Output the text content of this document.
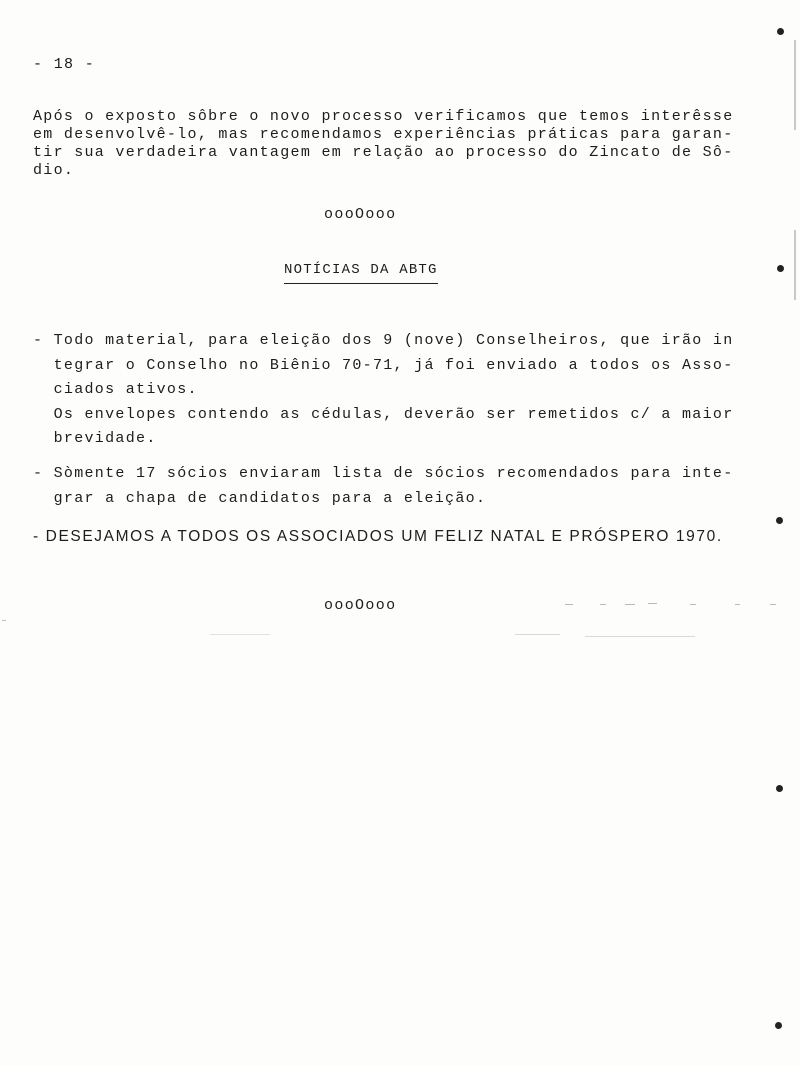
- 18 -
Após o exposto sôbre o novo processo verificamos que temos interêsse
em desenvolvê-lo, mas recomendamos experiências práticas para garan-
tir sua verdadeira vantagem em relação ao processo do Zincato de Sô-
dio.
oooOooo
NOTÍCIAS DA ABTG
- Todo material, para eleição dos 9 (nove) Conselheiros, que irão in
tegrar o Conselho no Biênio 70-71, já foi enviado a todos os Asso-
ciados ativos.
Os envelopes contendo as cédulas, deverão ser remetidos c/ a maior
brevidade.
- Sòmente 17 sócios enviaram lista de sócios recomendados para inte-
grar a chapa de candidatos para a eleição.
- DESEJAMOS A TODOS OS ASSOCIADOS UM FELIZ NATAL E PRÓSPERO 1970.
oooOooo
